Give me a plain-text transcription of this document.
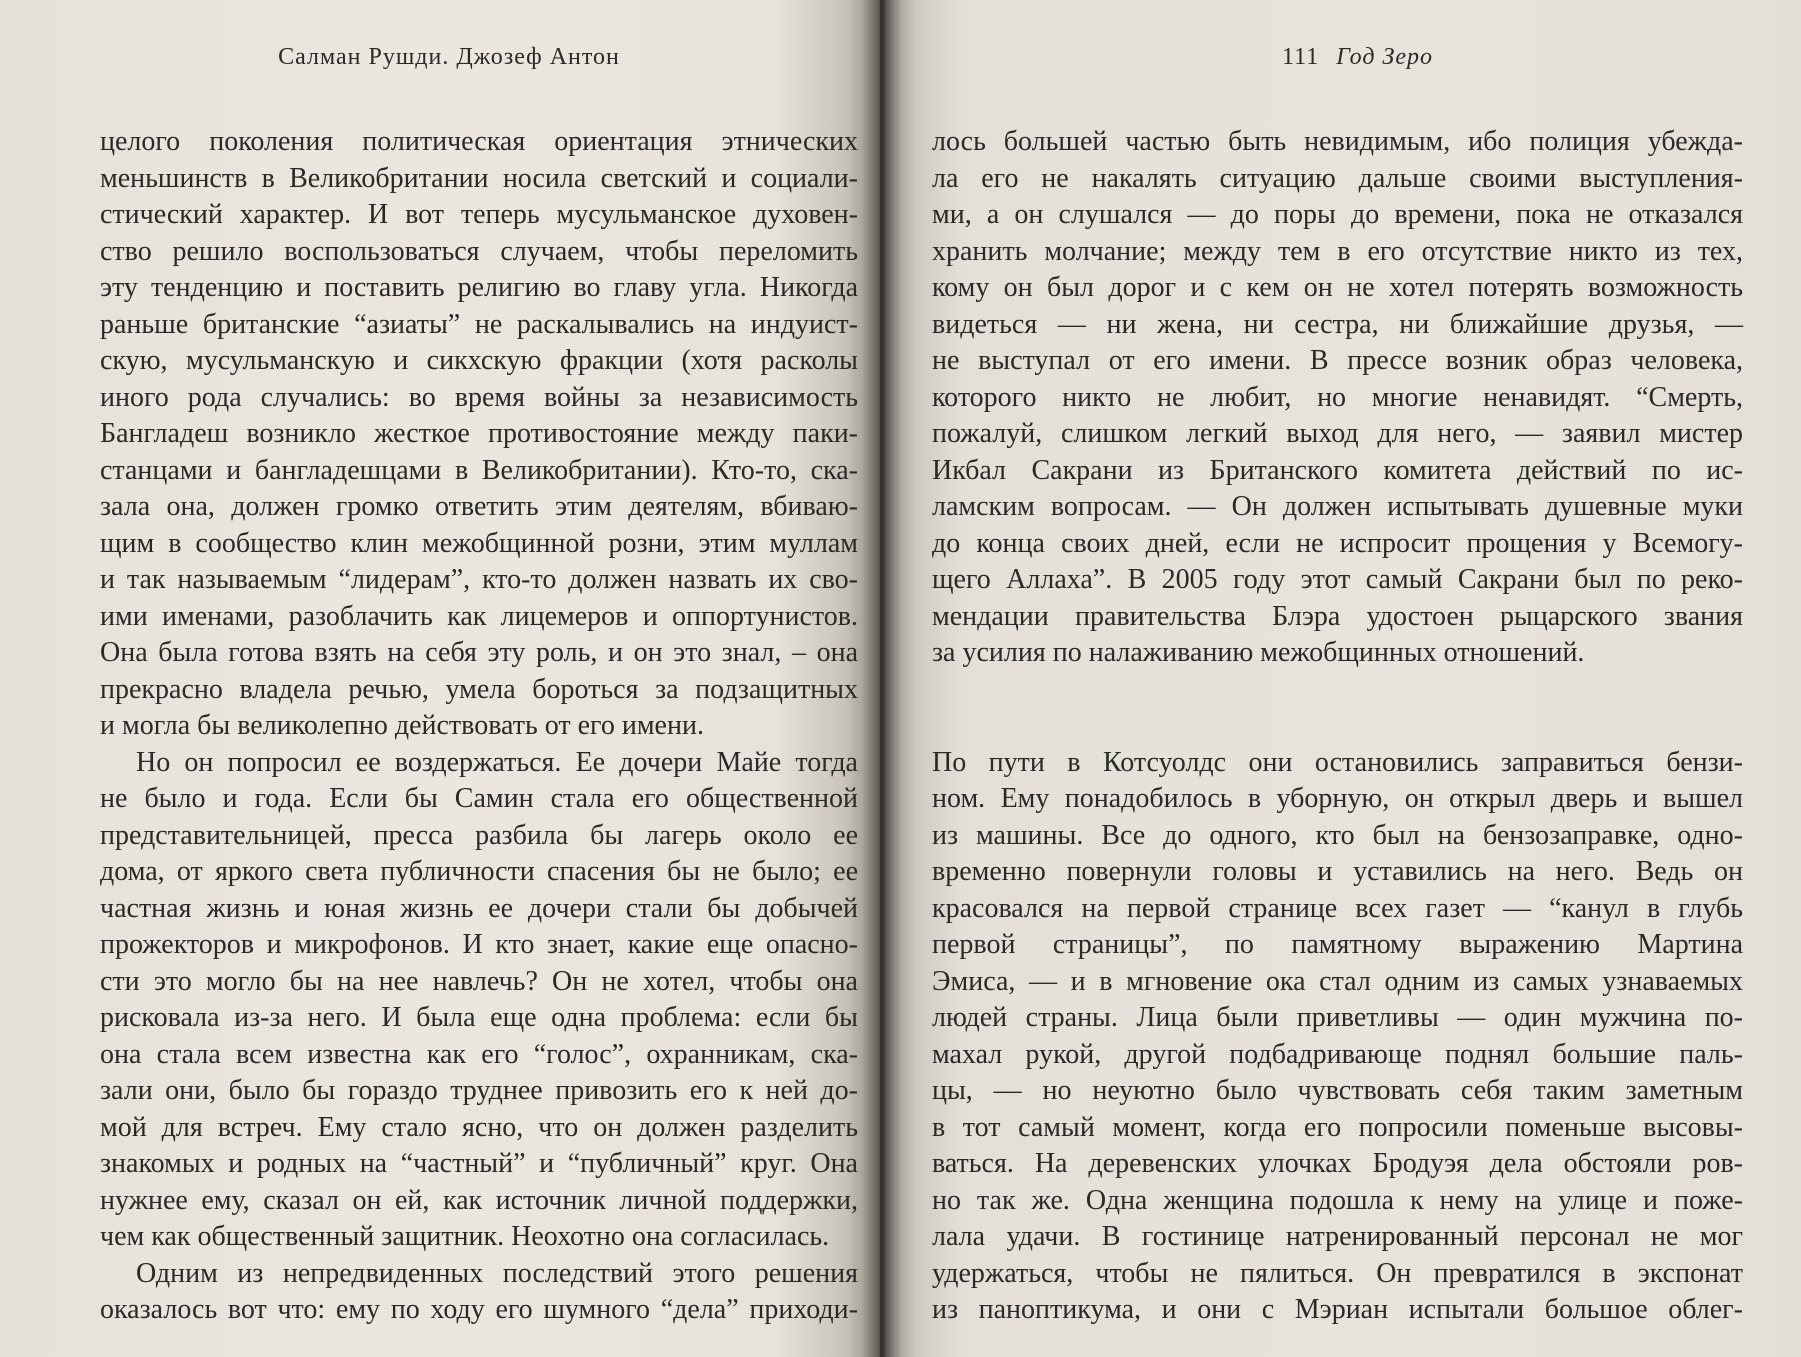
Салман Рушди. Джозеф Антон

целого поколения политическая ориентация этнических
меньшинств в Великобритании носила светский и социали-
стический характер. И вот теперь мусульманское духовен-
ство решило воспользоваться случаем, чтобы переломить
эту тенденцию и поставить религию во главу угла. Никогда
раньше британские “азиаты” не раскалывались на индуист-
скую, мусульманскую и сикхскую фракции (хотя расколы
иного рода случались: во время войны за независимость
Бангладеш возникло жесткое противостояние между паки-
станцами и бангладешцами в Великобритании). Кто-то, ска-
зала она, должен громко ответить этим деятелям, вбиваю-
щим в сообщество клин межобщинной розни, этим муллам
и так называемым “лидерам”, кто-то должен назвать их сво-
ими именами, разоблачить как лицемеров и оппортунистов.
Она была готова взять на себя эту роль, и он это знал, – она
прекрасно владела речью, умела бороться за подзащитных
и могла бы великолепно действовать от его имени.

Но он попросил ее воздержаться. Ее дочери Майе тогда
не было и года. Если бы Самин стала его общественной
представительницей, пресса разбила бы лагерь около ее
дома, от яркого света публичности спасения бы не было; ее
частная жизнь и юная жизнь ее дочери стали бы добычей
прожекторов и микрофонов. И кто знает, какие еще опасно-
сти это могло бы на нее навлечь? Он не хотел, чтобы она
рисковала из-за него. И была еще одна проблема: если бы
она стала всем известна как его “голос”, охранникам, ска-
зали они, было бы гораздо труднее привозить его к ней до-
мой для встреч. Ему стало ясно, что он должен разделить
знакомых и родных на “частный” и “публичный” круг. Она
нужнее ему, сказал он ей, как источник личной поддержки,
чем как общественный защитник. Неохотно она согласилась.

Одним из непредвиденных последствий этого решения
оказалось вот что: ему по ходу его шумного “дела” приходи-

111 Год Зеро

лось большей частью быть невидимым, ибо полиция убежда-
ла его не накалять ситуацию дальше своими выступления-
ми, а он слушался — до поры до времени, пока не отказался
хранить молчание; между тем в его отсутствие никто из тех,
кому он был дорог и с кем он не хотел потерять возможность
видеться — ни жена, ни сестра, ни ближайшие друзья, —
не выступал от его имени. В прессе возник образ человека,
которого никто не любит, но многие ненавидят. “Смерть,
пожалуй, слишком легкий выход для него, — заявил мистер
Икбал Сакрани из Британского комитета действий по ис-
ламским вопросам. — Он должен испытывать душевные муки
до конца своих дней, если не испросит прощения у Всемогу-
щего Аллаха”. В 2005 году этот самый Сакрани был по реко-
мендации правительства Блэра удостоен рыцарского звания
за усилия по налаживанию межобщинных отношений.

По пути в Котсуолдс они остановились заправиться бензи-
ном. Ему понадобилось в уборную, он открыл дверь и вышел
из машины. Все до одного, кто был на бензозаправке, одно-
временно повернули головы и уставились на него. Ведь он
красовался на первой странице всех газет — “канул в глубь
первой страницы”, по памятному выражению Мартина
Эмиса, — и в мгновение ока стал одним из самых узнаваемых
людей страны. Лица были приветливы — один мужчина по-
махал рукой, другой подбадривающе поднял большие паль-
цы, — но неуютно было чувствовать себя таким заметным
в тот самый момент, когда его попросили поменьше высовы-
ваться. На деревенских улочках Бродуэя дела обстояли ров-
но так же. Одна женщина подошла к нему на улице и поже-
лала удачи. В гостинице натренированный персонал не мог
удержаться, чтобы не пялиться. Он превратился в экспонат
из паноптикума, и они с Мэриан испытали большое облег-
